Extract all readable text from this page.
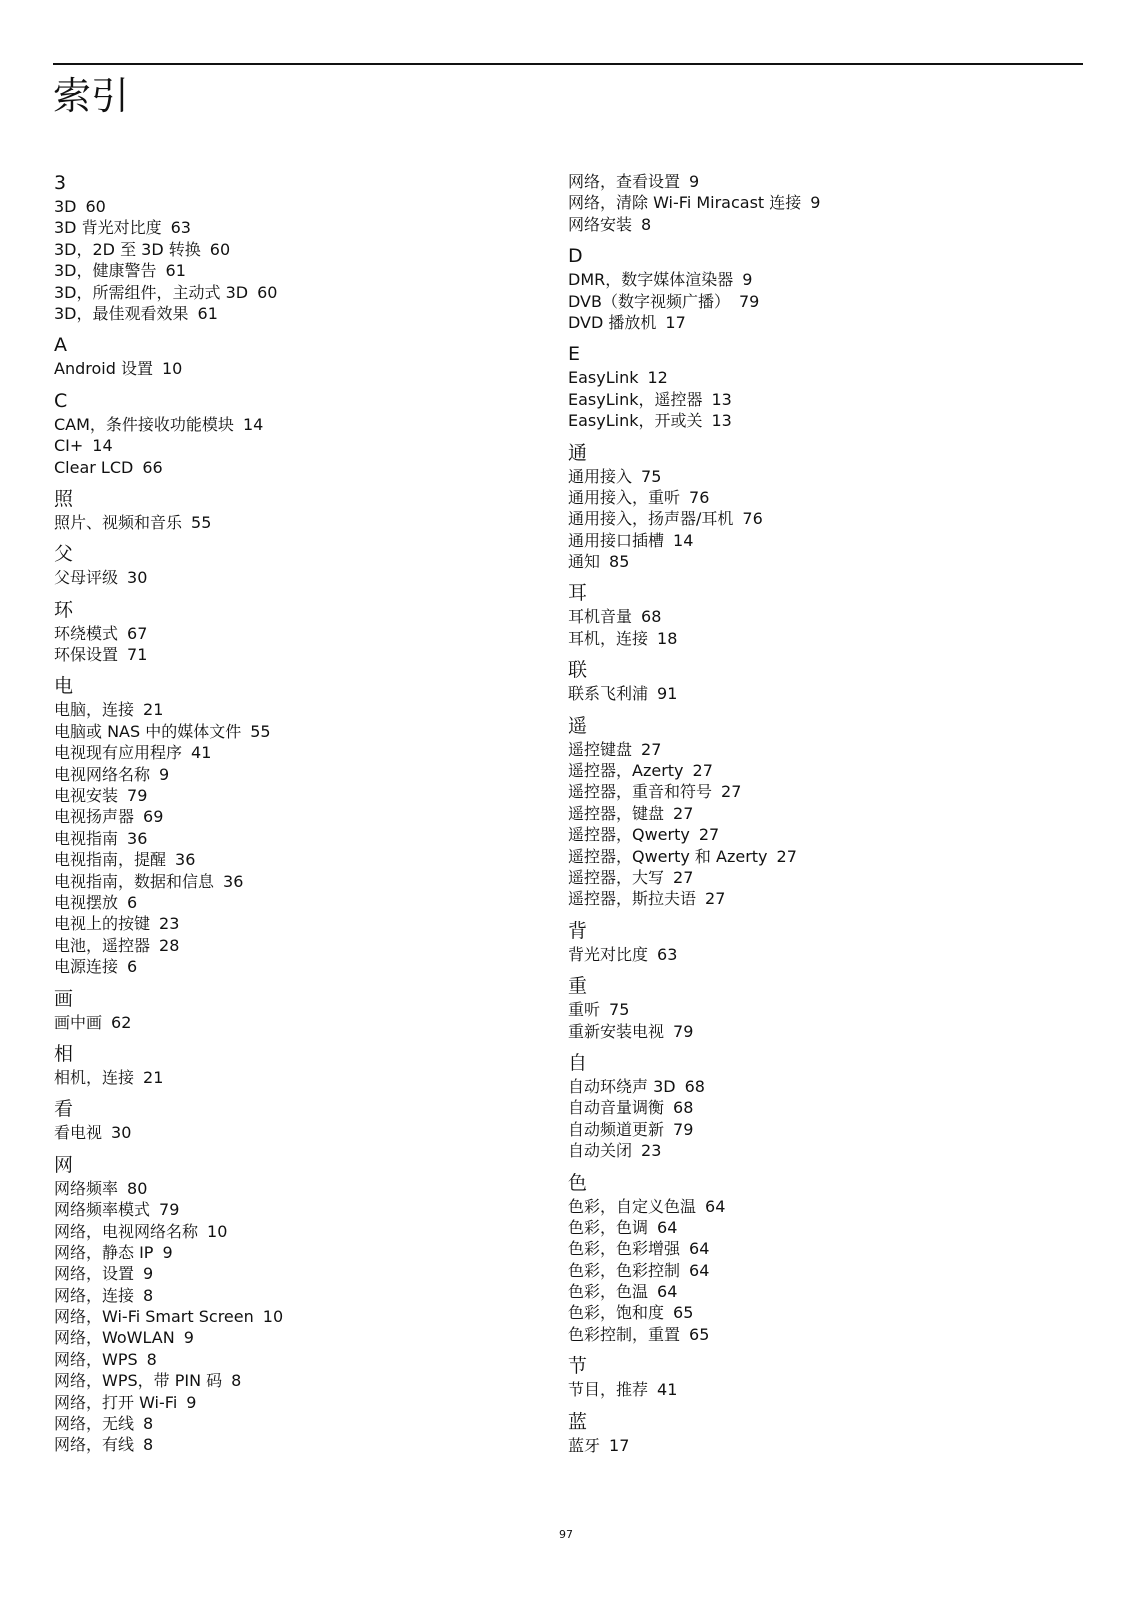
索引
3
3D 60
3D 背光对比度 63
3D，2D 至 3D 转换 60
3D，健康警告 61
3D，所需组件，主动式 3D 60
3D，最佳观看效果 61
A
Android 设置 10
C
CAM，条件接收功能模块 14
CI+ 14
Clear LCD 66
照
照片、视频和音乐 55
父
父母评级 30
环
环绕模式 67
环保设置 71
电
电脑，连接 21
电脑或 NAS 中的媒体文件 55
电视现有应用程序 41
电视网络名称 9
电视安装 79
电视扬声器 69
电视指南 36
电视指南，提醒 36
电视指南，数据和信息 36
电视摆放 6
电视上的按键 23
电池，遥控器 28
电源连接 6
画
画中画 62
相
相机，连接 21
看
看电视 30
网
网络频率 80
网络频率模式 79
网络，电视网络名称 10
网络，静态 IP 9
网络，设置 9
网络，连接 8
网络，Wi-Fi Smart Screen 10
网络，WoWLAN 9
网络，WPS 8
网络，WPS，带 PIN 码 8
网络，打开 Wi-Fi 9
网络，无线 8
网络，有线 8
网络，查看设置 9
网络，清除 Wi-Fi Miracast 连接 9
网络安装 8
D
DMR，数字媒体渲染器 9
DVB（数字视频广播） 79
DVD 播放机 17
E
EasyLink 12
EasyLink，遥控器 13
EasyLink，开或关 13
通
通用接入 75
通用接入，重听 76
通用接入，扬声器/耳机 76
通用接口插槽 14
通知 85
耳
耳机音量 68
耳机，连接 18
联
联系飞利浦 91
遥
遥控键盘 27
遥控器，Azerty 27
遥控器，重音和符号 27
遥控器，键盘 27
遥控器，Qwerty 27
遥控器，Qwerty 和 Azerty 27
遥控器，大写 27
遥控器，斯拉夫语 27
背
背光对比度 63
重
重听 75
重新安装电视 79
自
自动环绕声 3D 68
自动音量调衡 68
自动频道更新 79
自动关闭 23
色
色彩，自定义色温 64
色彩，色调 64
色彩，色彩增强 64
色彩，色彩控制 64
色彩，色温 64
色彩，饱和度 65
色彩控制，重置 65
节
节目，推荐 41
蓝
蓝牙 17
97
